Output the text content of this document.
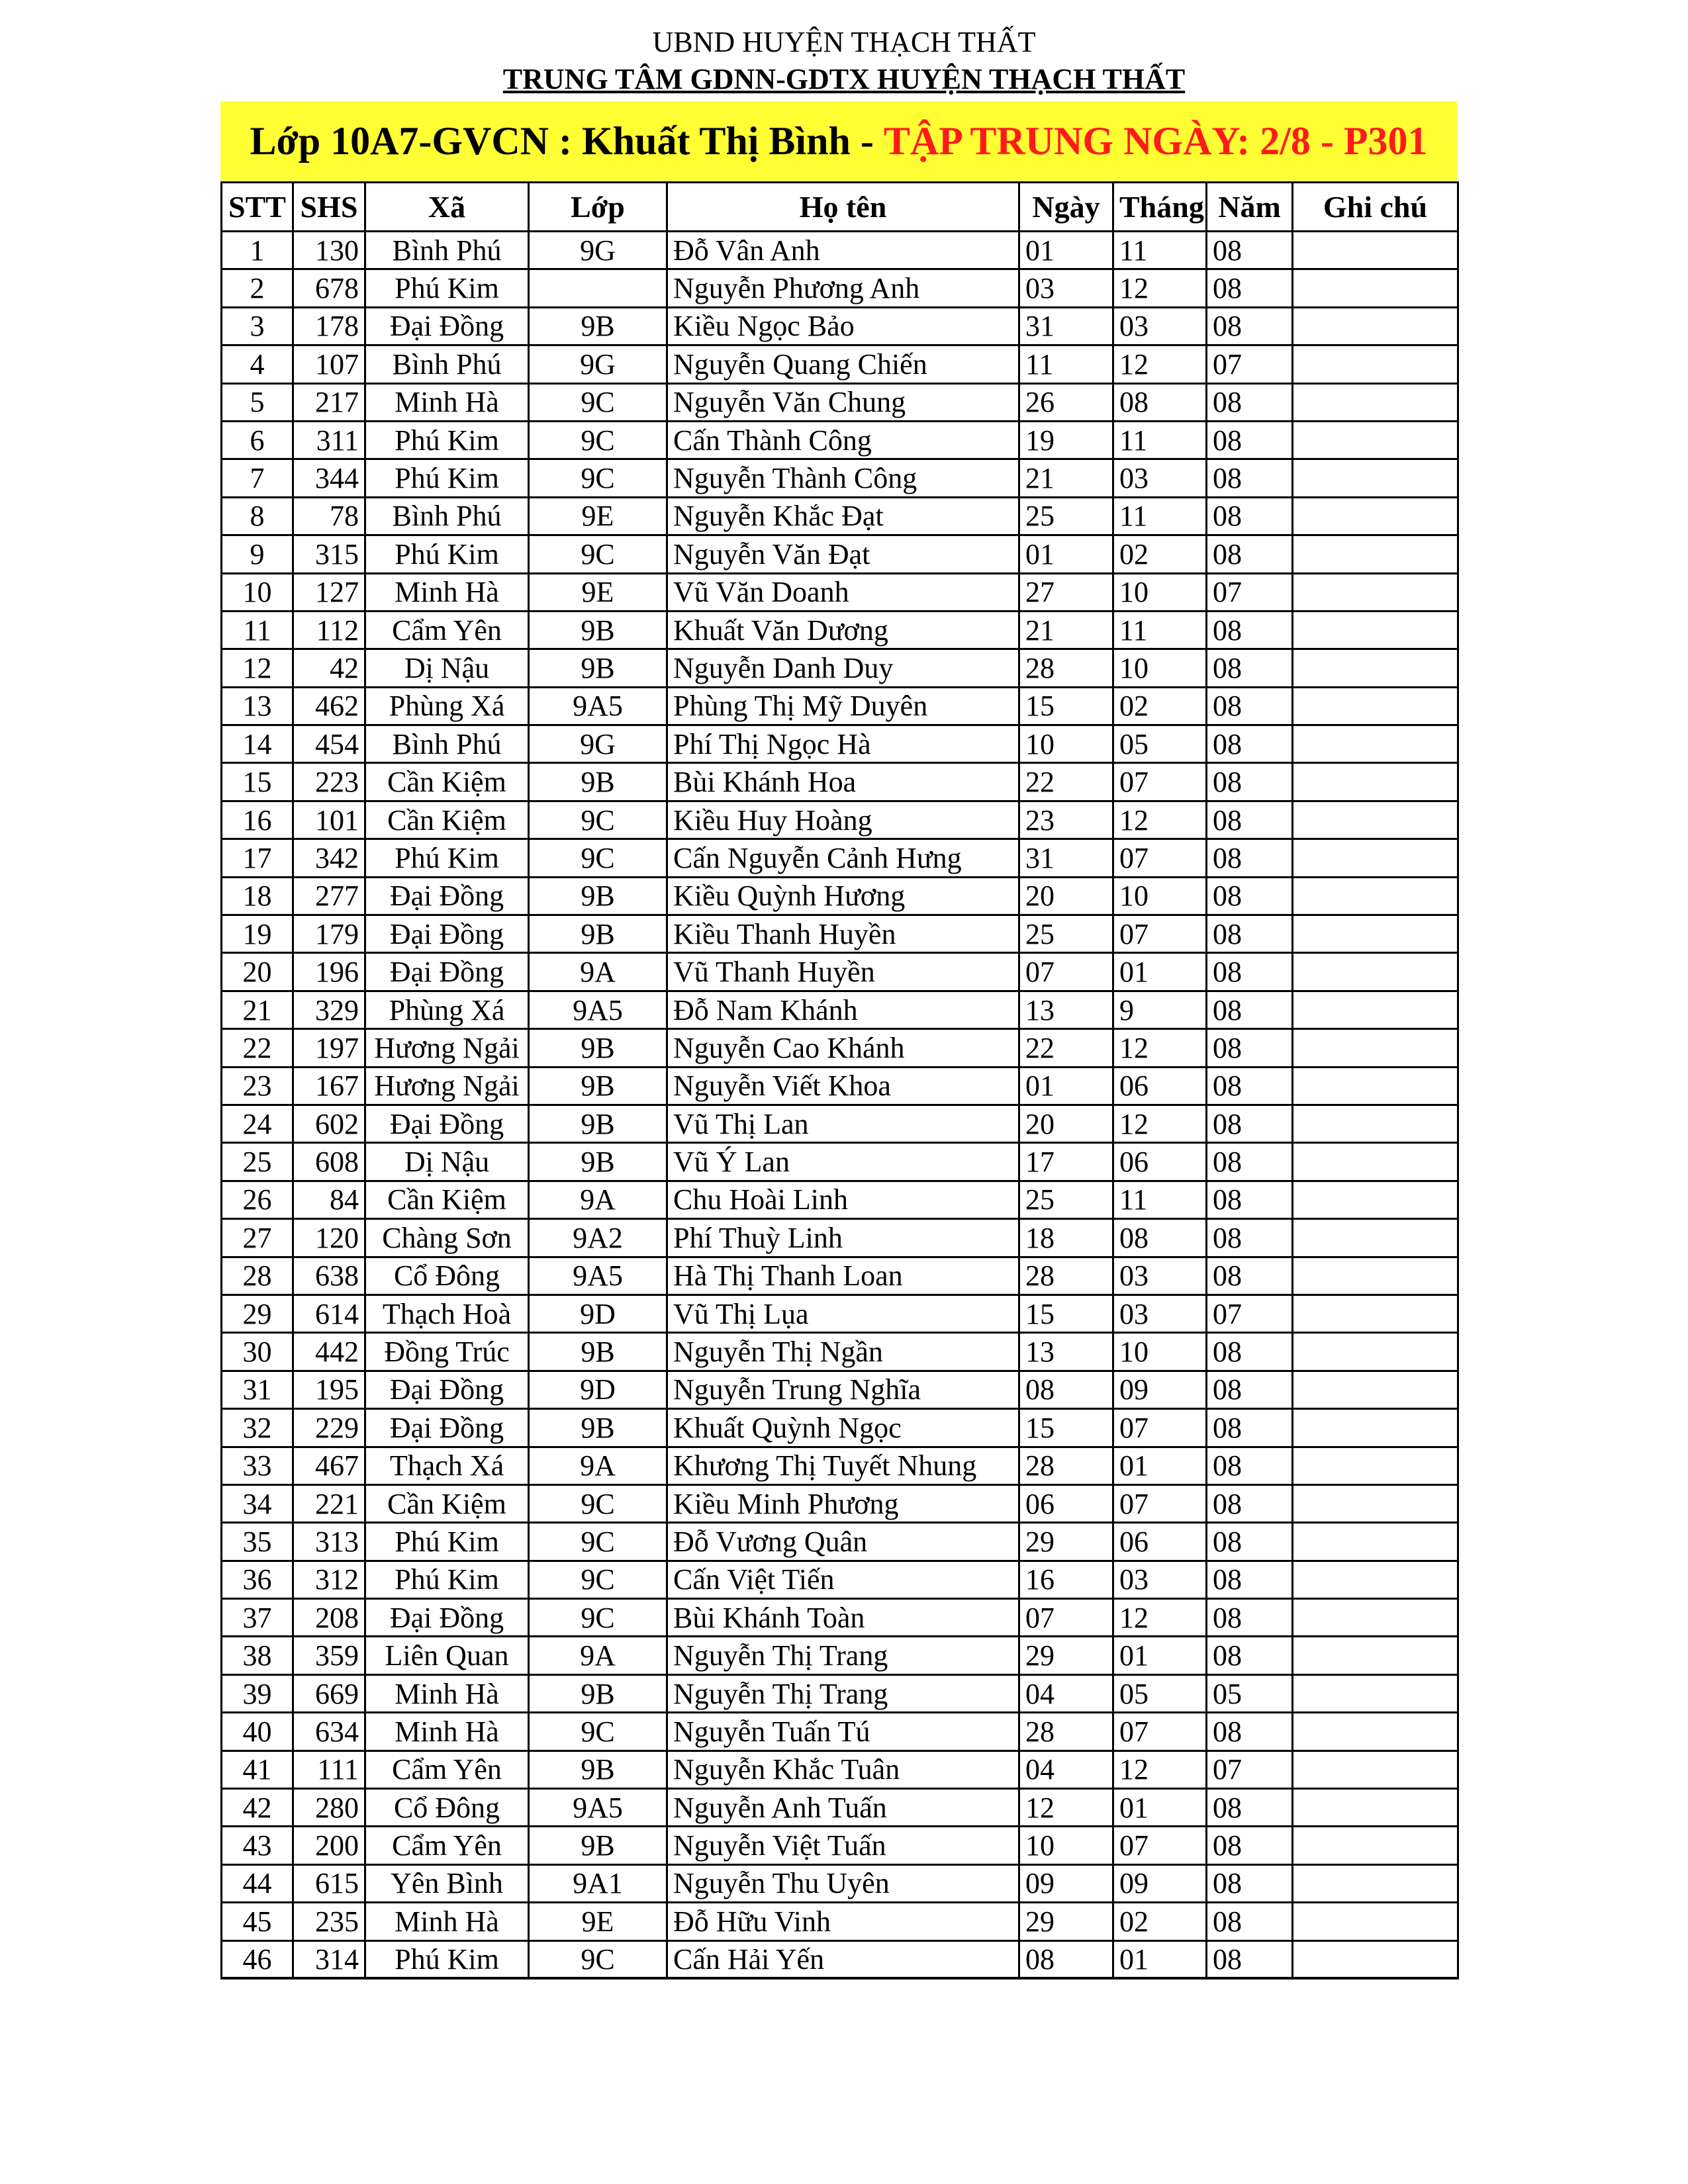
UBND HUYỆN THẠCH THẤT
TRUNG TÂM GDNN-GDTX HUYỆN THẠCH THẤT
Lớp 10A7-GVCN : Khuất Thị Bình -
TẬP TRUNG NGÀY: 2/8 - P301
STT	SHS	Xã	Lớp	Họ tên	Ngày	Tháng	Năm	Ghi chú
1	130	Bình Phú	9G	Đỗ Vân Anh	01	11	08	
2	678	Phú Kim		Nguyễn Phương Anh	03	12	08	
3	178	Đại Đồng	9B	Kiều Ngọc Bảo	31	03	08	
4	107	Bình Phú	9G	Nguyễn Quang Chiến	11	12	07	
5	217	Minh Hà	9C	Nguyễn Văn Chung	26	08	08	
6	311	Phú Kim	9C	Cấn Thành Công	19	11	08	
7	344	Phú Kim	9C	Nguyễn Thành Công	21	03	08	
8	78	Bình Phú	9E	Nguyễn Khắc Đạt	25	11	08	
9	315	Phú Kim	9C	Nguyễn Văn Đạt	01	02	08	
10	127	Minh Hà	9E	Vũ Văn Doanh	27	10	07	
11	112	Cẩm Yên	9B	Khuất Văn Dương	21	11	08	
12	42	Dị Nậu	9B	Nguyễn Danh Duy	28	10	08	
13	462	Phùng Xá	9A5	Phùng Thị Mỹ Duyên	15	02	08	
14	454	Bình Phú	9G	Phí Thị Ngọc Hà	10	05	08	
15	223	Cần Kiệm	9B	Bùi Khánh Hoa	22	07	08	
16	101	Cần Kiệm	9C	Kiều Huy Hoàng	23	12	08	
17	342	Phú Kim	9C	Cấn Nguyễn Cảnh Hưng	31	07	08	
18	277	Đại Đồng	9B	Kiều Quỳnh Hương	20	10	08	
19	179	Đại Đồng	9B	Kiều Thanh Huyền	25	07	08	
20	196	Đại Đồng	9A	Vũ Thanh Huyền	07	01	08	
21	329	Phùng Xá	9A5	Đỗ Nam Khánh	13	9	08	
22	197	Hương Ngải	9B	Nguyễn Cao Khánh	22	12	08	
23	167	Hương Ngải	9B	Nguyễn Viết Khoa	01	06	08	
24	602	Đại Đồng	9B	Vũ Thị Lan	20	12	08	
25	608	Dị Nậu	9B	Vũ Ý Lan	17	06	08	
26	84	Cần Kiệm	9A	Chu Hoài Linh	25	11	08	
27	120	Chàng Sơn	9A2	Phí Thuỳ Linh	18	08	08	
28	638	Cổ Đông	9A5	Hà Thị Thanh Loan	28	03	08	
29	614	Thạch Hoà	9D	Vũ Thị Lụa	15	03	07	
30	442	Đồng Trúc	9B	Nguyễn Thị Ngần	13	10	08	
31	195	Đại Đồng	9D	Nguyễn Trung Nghĩa	08	09	08	
32	229	Đại Đồng	9B	Khuất Quỳnh Ngọc	15	07	08	
33	467	Thạch Xá	9A	Khương Thị Tuyết Nhung	28	01	08	
34	221	Cần Kiệm	9C	Kiều Minh Phương	06	07	08	
35	313	Phú Kim	9C	Đỗ Vương Quân	29	06	08	
36	312	Phú Kim	9C	Cấn Việt Tiến	16	03	08	
37	208	Đại Đồng	9C	Bùi Khánh Toàn	07	12	08	
38	359	Liên Quan	9A	Nguyễn Thị Trang	29	01	08	
39	669	Minh Hà	9B	Nguyễn Thị Trang	04	05	05	
40	634	Minh Hà	9C	Nguyễn Tuấn Tú	28	07	08	
41	111	Cẩm Yên	9B	Nguyễn Khắc Tuân	04	12	07	
42	280	Cổ Đông	9A5	Nguyễn Anh Tuấn	12	01	08	
43	200	Cẩm Yên	9B	Nguyễn Việt Tuấn	10	07	08	
44	615	Yên Bình	9A1	Nguyễn Thu Uyên	09	09	08	
45	235	Minh Hà	9E	Đỗ Hữu Vinh	29	02	08	
46	314	Phú Kim	9C	Cấn Hải Yến	08	01	08	
